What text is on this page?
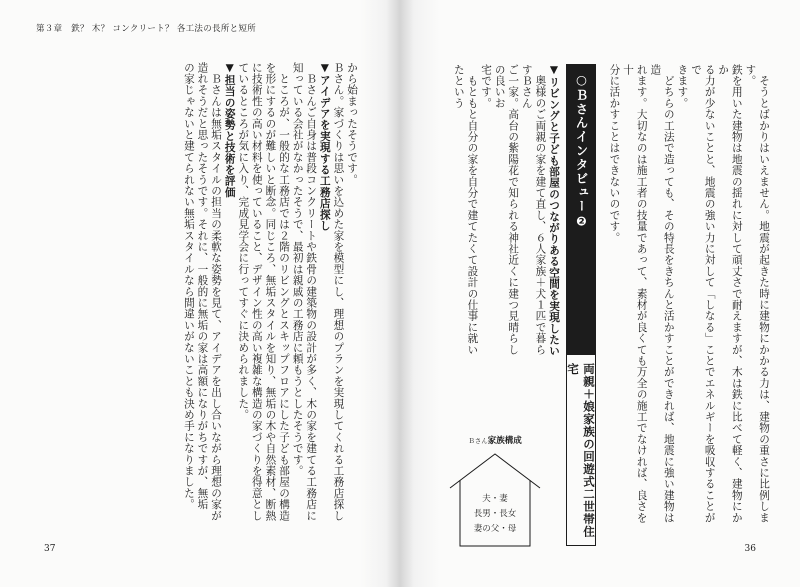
第３章　鉄？ 木？ コンクリート？ 各工法の長所と短所
から始まったそうです。
Ｂさん。家づくりは思いを込めた家を模型にし、理想のプランを実現してくれる工務店探し
▼アイデアを実現する工務店探し
　Ｂさんご自身は普段コンクリートや鉄骨の建築物の設計が多く、木の家を建てる工務店に
知っている会社がなかったそうで、最初は親戚の工務店に頼もうとしたそうです。
　ところが、一般的な工務店では２階のリビングとスキップフロアにした子ども部屋の構造
を形にするのが難しいと断念。同じころ、無垢スタイルを知り、無垢の木や自然素材、断熱
に技術性の高い材料を使っていること、デザイン性の高い複雑な構造の家づくりを得意とし
ているところが気に入り、完成見学会に行ってすぐに決められました。
▼担当の姿勢と技術を評価
　Ｂさんは無垢スタイルの担当の柔軟な姿勢を見て、アイデアを出し合いながら理想の家が
造れそうだと思ったそうです。それに、一般的に無垢の家は高額になりがちですが、無垢
の家じゃないと建てられない無垢スタイルなら間違いがないことも決め手になりました。
37	36
　そうとばかりはいえません。地震が起きた時に建物にかかる力は、建物の重さに比例します。
鉄を用いた建物は地震の揺れに対して頑丈さで耐えますが、木は鉄に比べて軽く、建物にかか
る力が少ないことと、地震の強い力に対して「しなる」ことでエネルギーを吸収することがで
きます。
　どちらの工法で造っても、その特長をきちんと活かすことができれば、地震に強い建物は造
れます。大切なのは施工者の技量であって、素材が良くても万全の施工でなければ、良さを十
分に活かすことはできないのです。
○Ｂさんインタビュー❷
両親＋娘家族の回遊式二世帯住宅
▼リビングと子ども部屋のつながりある空間を実現したい
　奥様のご両親の家を建て直し、６人家族＋犬１匹で暮らすＢさん
ご一家。高台の紫陽花で知られる神社近くに建つ見晴らしの良いお
宅です。
　もともと自分の家を自分で建てたくて設計の仕事に就いたという
Ｂさん家族構成
夫・妻
長男・長女
妻の父・母
